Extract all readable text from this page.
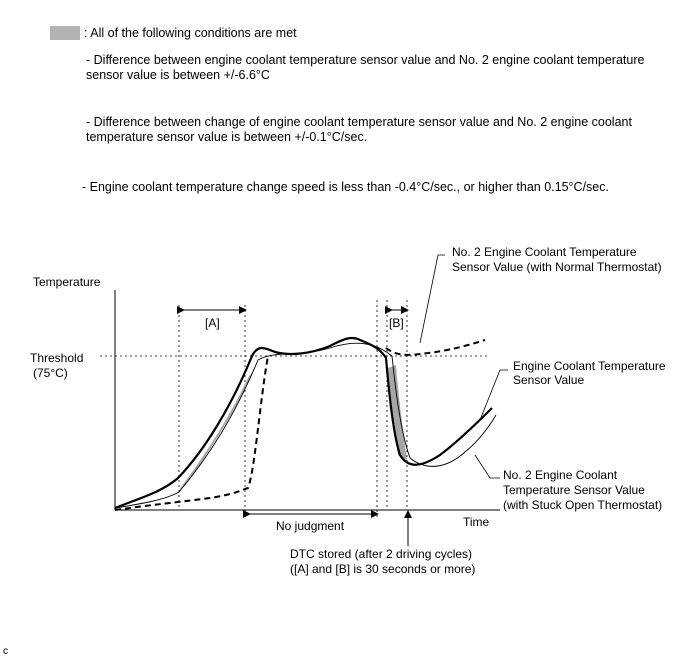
: All of the following conditions are met
- Difference between engine coolant temperature sensor value and No. 2 engine coolant temperature sensor value is between +/-6.6°C
- Difference between change of engine coolant temperature sensor value and No. 2 engine coolant temperature sensor value is between +/-0.1°C/sec.
- Engine coolant temperature change speed is less than -0.4°C/sec., or higher than 0.15°C/sec.
Temperature
Time
Threshold
(75°C)
[A]	[B]
No judgment
DTC stored (after 2 driving cycles)
([A] and [B] is 30 seconds or more)
No. 2 Engine Coolant Temperature
Sensor Value (with Normal Thermostat)
Engine Coolant Temperature
Sensor Value
No. 2 Engine Coolant
Temperature Sensor Value
(with Stuck Open Thermostat)
c
